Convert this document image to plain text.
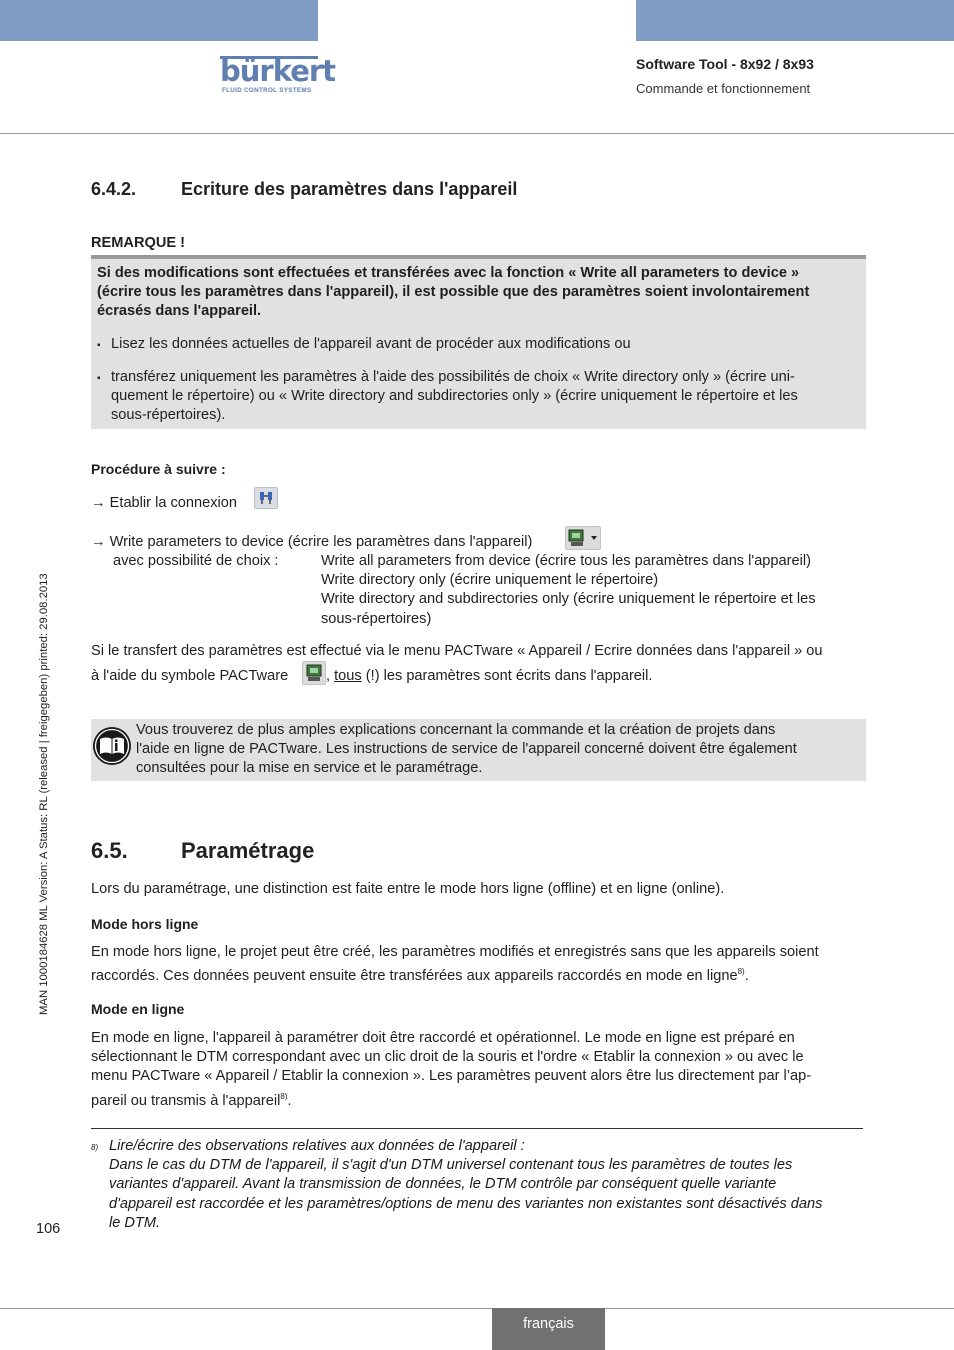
bürkert
FLUID CONTROL SYSTEMS
Software Tool - 8x92 / 8x93
Commande et fonctionnement
MAN 1000184628 ML Version: A Status: RL (released | freigegeben) printed: 29.08.2013
6.4.2. Ecriture des paramètres dans l'appareil
REMARQUE !
Si des modifications sont effectuées et transférées avec la fonction « Write all parameters to device »
(écrire tous les paramètres dans l'appareil), il est possible que des paramètres soient involontairement
écrasés dans l'appareil.
▪ Lisez les données actuelles de l'appareil avant de procéder aux modifications ou
▪ transférez uniquement les paramètres à l'aide des possibilités de choix « Write directory only » (écrire uni-
quement le répertoire) ou « Write directory and subdirectories only » (écrire uniquement le répertoire et les
sous-répertoires).
Procédure à suivre :
→ Etablir la connexion
→ Write parameters to device (écrire les paramètres dans l'appareil)
avec possibilité de choix :	Write all parameters from device (écrire tous les paramètres dans l'appareil)
Write directory only (écrire uniquement le répertoire)
Write directory and subdirectories only (écrire uniquement le répertoire et les
sous-répertoires)
Si le transfert des paramètres est effectué via le menu PACTware « Appareil / Ecrire données dans l'appareil » ou
à l'aide du symbole PACTware	, tous (!) les paramètres sont écrits dans l'appareil.
Vous trouverez de plus amples explications concernant la commande et la création de projets dans
l'aide en ligne de PACTware. Les instructions de service de l'appareil concerné doivent être également
consultées pour la mise en service et le paramétrage.
6.5. Paramétrage
Lors du paramétrage, une distinction est faite entre le mode hors ligne (offline) et en ligne (online).
Mode hors ligne
En mode hors ligne, le projet peut être créé, les paramètres modifiés et enregistrés sans que les appareils soient
raccordés. Ces données peuvent ensuite être transférées aux appareils raccordés en mode en ligne$^{8)}$.
Mode en ligne
En mode en ligne, l'appareil à paramétrer doit être raccordé et opérationnel. Le mode en ligne est préparé en
sélectionnant le DTM correspondant avec un clic droit de la souris et l'ordre « Etablir la connexion » ou avec le
menu PACTware « Appareil / Etablir la connexion ». Les paramètres peuvent alors être lus directement par l’ap-
pareil ou transmis à l'appareil$^{8)}$.
8) Lire/écrire des observations relatives aux données de l'appareil :
Dans le cas du DTM de l'appareil, il s'agit d'un DTM universel contenant tous les paramètres de toutes les
variantes d'appareil. Avant la transmission de données, le DTM contrôle par conséquent quelle variante
d'appareil est raccordée et les paramètres/options de menu des variantes non existantes sont désactivés dans
le DTM.
106
français
